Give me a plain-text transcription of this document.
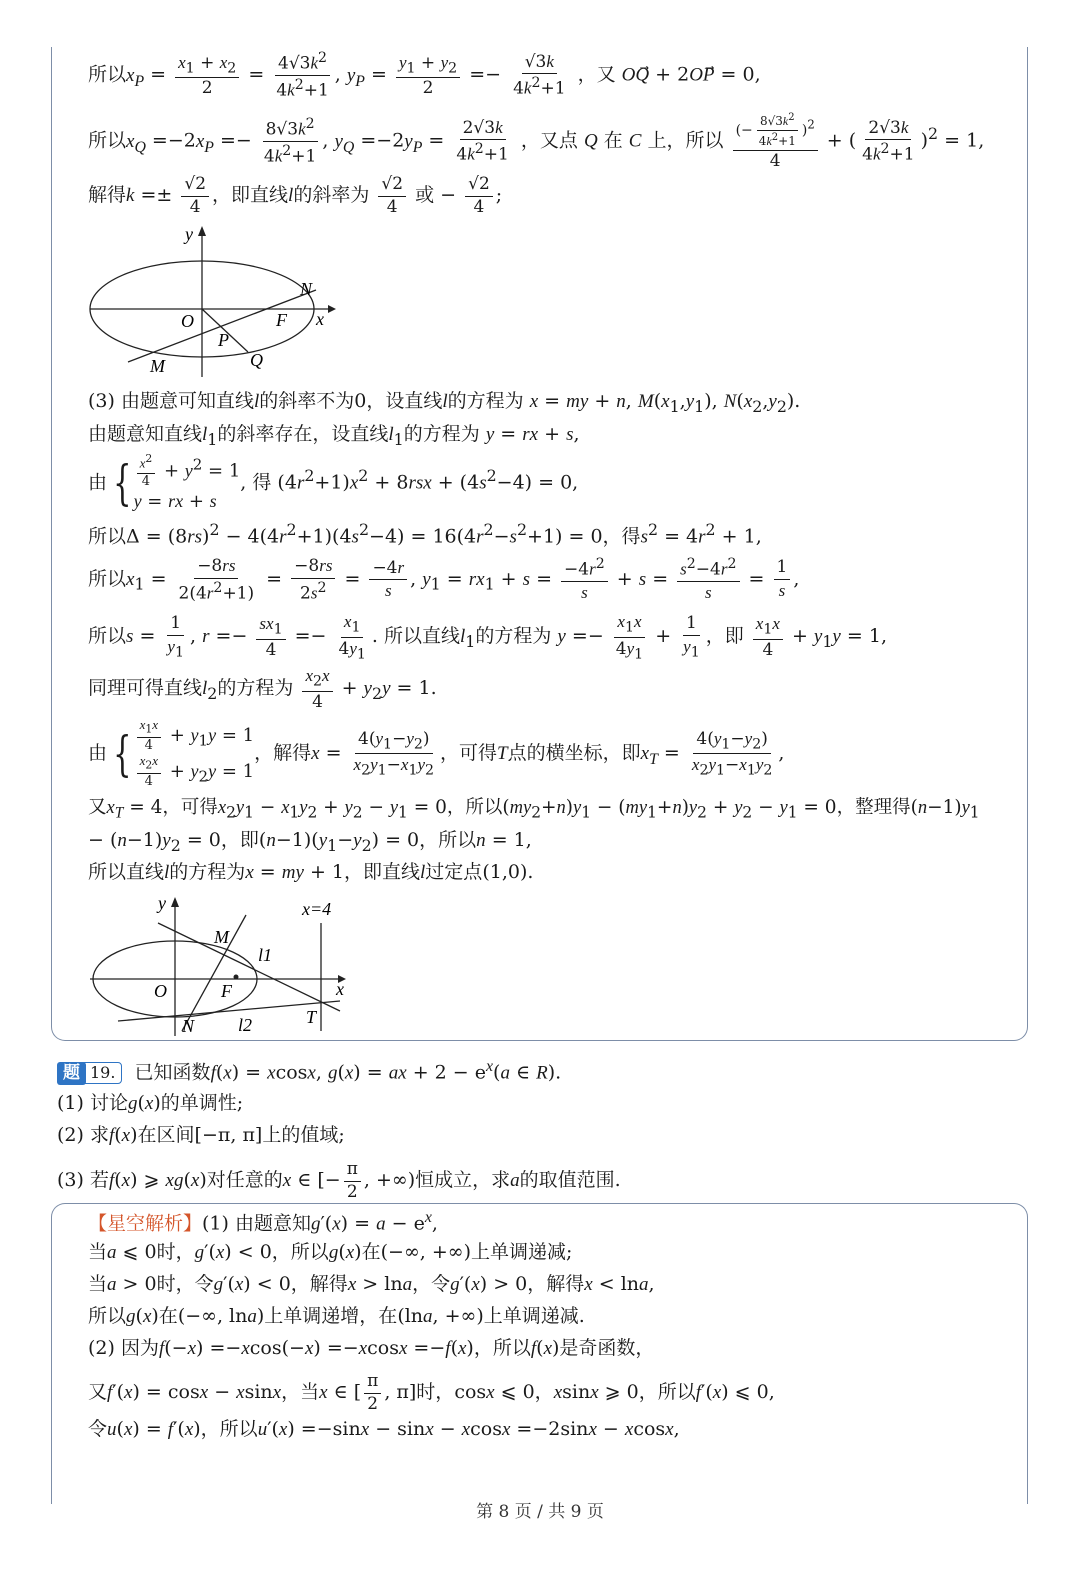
所以$x_P = \frac{x_1 + x_2}{2} = \frac{4√3k^2}{4k^2+1}$ , $y_P = \frac{y_1 + y_2}{2} =- \frac{√3k}{4k^2+1}$ ，又 OQ⃗ + 2OP⃗ = 0,
所以$x_Q =-2x_P =- \frac{8√3k^2}{4k^2+1}$ , $y_Q =-2y_P = \frac{2√3k}{4k^2+1}$ ，又点 Q 在 C 上，所以 $\frac{(- \frac{8√3k^2}{4k^2+1} )^2}{4}$ + ( $\frac{2√3k}{4k^2+1} )^2 = 1$,
解得$k =\pm \frac{√2}{4}$ ，即直线l的斜率为 $\frac{√2}{4}$ 或 − $\frac{√2}{4}$ ;
y
N
O	F x
P
M	Q
(3) 由题意可知直线l的斜率不为0，设直线l的方程为 x = my + n, $M(x_1,y_1)$, $N(x_2,y_2)$.
由题意知直线$l_1$的斜率存在，设直线$l_1$的方程为 y = rx + s,
由 { $\frac{x^2}{4} + y^2 = 1$
y = rx + s
, 得 $(4r^2+1)x^2 + 8rsx + (4s^2-4) = 0$,
所以$\Delta = (8rs)^2 - 4(4r^2+1)(4s^2-4) = 16(4r^2-s^2+1) = 0$，得$s^2 = 4r^2 + 1$,
所以$x_1 = \frac{-8rs}{2(4r^2+1)} = \frac{-8rs}{2s^2} = \frac{-4r}{s}$ , $y_1 = rx_1 + s = \frac{-4r^2}{s} + s = \frac{s^2-4r^2}{s} = \frac{1}{s}$ ,
所以$s = \frac{1}{y_1}$ , $r =- \frac{sx_1}{4} =- \frac{x_1}{4y_1}$ . 所以直线$l_1$的方程为 $y =- \frac{x_1x}{4y_1} + \frac{1}{y_1}$ ，即 $\frac{x_1x}{4} + y_1y = 1$,
同理可得直线$l_2$的方程为 $\frac{x_2x}{4} + y_2y = 1$.
由 { $\frac{x_1x}{4} + y_1y = 1$
$\frac{x_2x}{4} + y_2y = 1$
，解得$x = \frac{4(y_1-y_2)}{x_2y_1-x_1y_2}$ ，可得T点的横坐标，即$x_T = \frac{4(y_1-y_2)}{x_2y_1-x_1y_2}$ ,
又$x_T = 4$，可得$x_2y_1 - x_1y_2 + y_2 - y_1 = 0$，所以$(my_2+n)y_1 - (my_1+n)y_2 + y_2 - y_1 = 0$，整理得$(n-1)y_1$
− $(n-1)y_2 = 0$，即$(n-1)(y_1-y_2) = 0$，所以n = 1,
所以直线l的方程为x = my + 1，即直线l过定点(1,0).
y	x=4
M
l1
O	F	x
N l2	T
题 19. 已知函数f(x) = xcosx, g(x) = ax + $2 - e^x(a$ ∈ R).
(1) 讨论g(x)的单调性;
(2) 求f(x)在区间[−π, π]上的值域;
(3) 若f(x) ⩾ xg(x)对任意的x ∈ [− $\frac{\pi}{2}$ , +∞)恒成立，求a的取值范围.
【星空解析】(1) 由题意知$g'(x) = a - e^x$,
当a ⩽ 0时，g′(x) < 0，所以g(x)在(−∞, +∞)上单调递减;
当a > 0时，令g′(x) < 0，解得x > lna，令g′(x) > 0，解得x < lna,
所以g(x)在(−∞, lna)上单调递增，在(lna, +∞)上单调递减.
(2) 因为f(−x) =−xcos(−x) =−xcosx =−f(x)，所以f(x)是奇函数，
又f′(x) = cosx − xsinx，当x ∈ [ $\frac{\pi}{2}$ , π]时，cosx ⩽ 0，xsinx ⩾ 0，所以f′(x) ⩽ 0,
令u(x) = f′(x)，所以u′(x) =−sinx − sinx − xcosx =−2sinx − xcosx,
第 8 页 / 共 9 页
